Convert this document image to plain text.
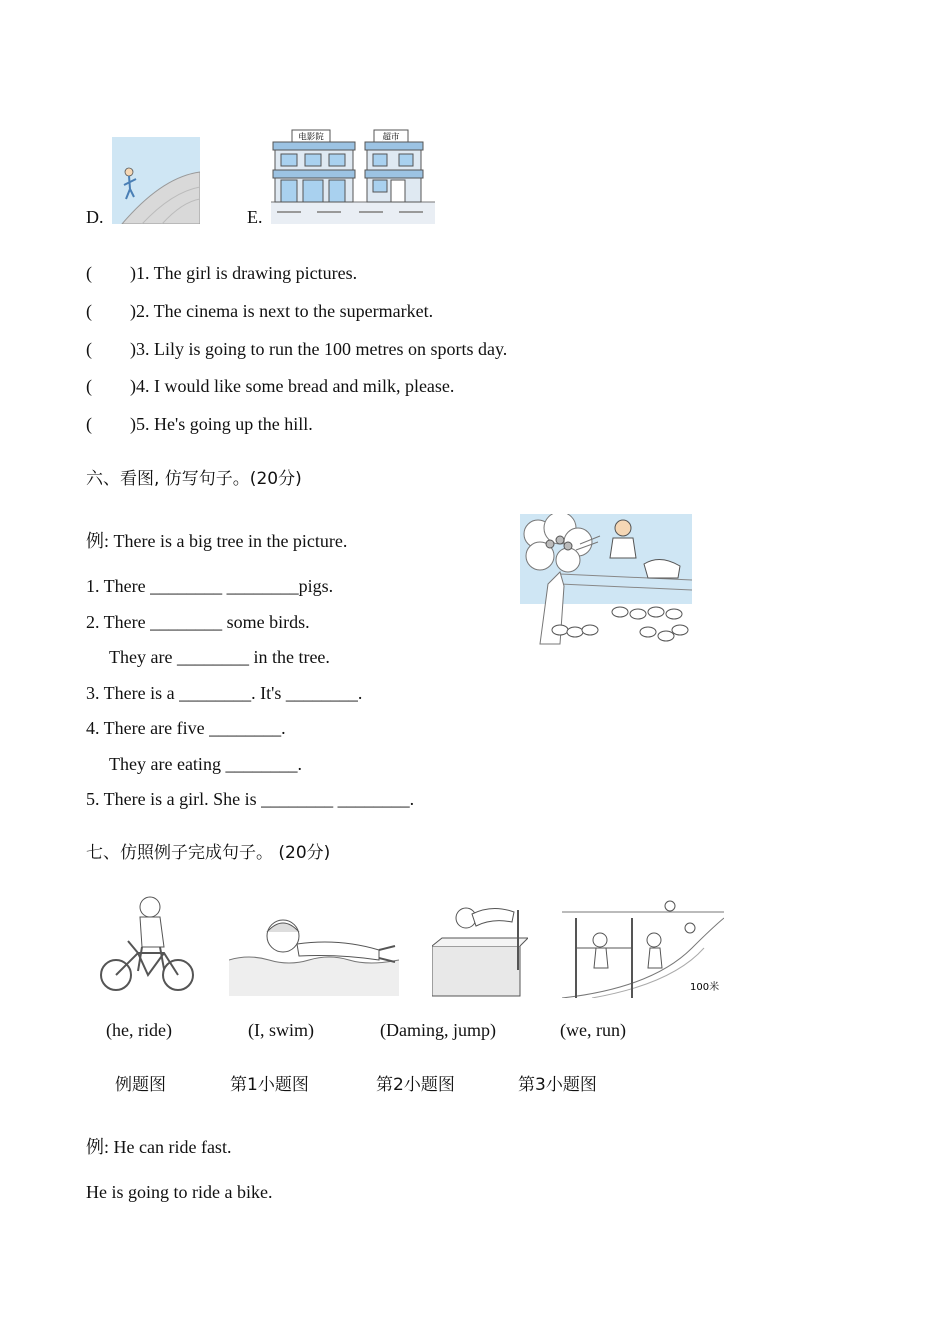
D.	E.
电影院	超市
( )1. The girl is drawing pictures.
( )2. The cinema is next to the supermarket.
( )3. Lily is going to run the 100 metres on sports day.
( )4. I would like some bread and milk, please.
( )5. He's going up the hill.
六、看图, 仿写句子。(20分)
例: There is a big tree in the picture.
1. There ________ ________pigs.
2. There ________ some birds.
They are ________ in the tree.
3. There is a ________. It's ________.
4. There are five ________.
They are eating ________.
5. There is a girl. She is ________ ________.
七、仿照例子完成句子。 (20分)
100米
(he, ride)	(I, swim)	(Daming, jump)	(we, run)
例题图	第1小题图	第2小题图	第3小题图
例: He can ride fast.
He is going to ride a bike.
